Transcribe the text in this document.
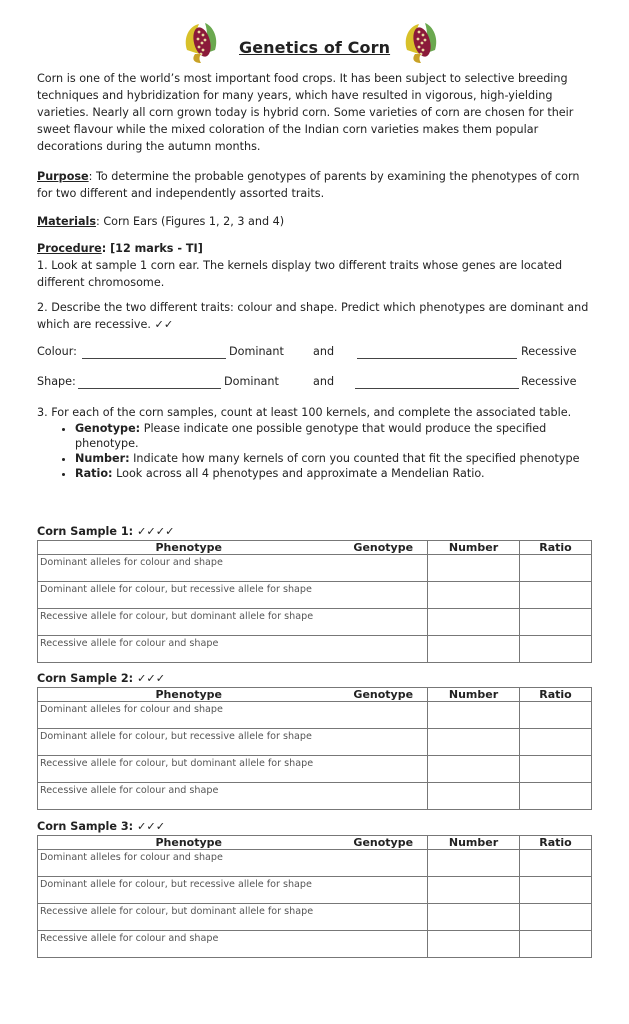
Genetics of Corn

Corn is one of the world’s most important food crops. It has been subject to selective breeding techniques and hybridization for many years, which have resulted in vigorous, high-yielding varieties. Nearly all corn grown today is hybrid corn. Some varieties of corn are chosen for their sweet flavour while the mixed coloration of the Indian corn varieties makes them popular decorations during the autumn months.

Purpose: To determine the probable genotypes of parents by examining the phenotypes of corn for two different and independently assorted traits.

Materials: Corn Ears (Figures 1, 2, 3 and 4)

Procedure: [12 marks - TI]

1. Look at sample 1 corn ear. The kernels display two different traits whose genes are located different chromosome.

2. Describe the two different traits: colour and shape. Predict which phenotypes are dominant and which are recessive. ✓✓

Colour:	Dominant	and	Recessive
Shape:	Dominant	and	Recessive

3. For each of the corn samples, count at least 100 kernels, and complete the associated table.

• Genotype: Please indicate one possible genotype that would produce the specified phenotype.
• Number: Indicate how many kernels of corn you counted that fit the specified phenotype
• Ratio: Look across all 4 phenotypes and approximate a Mendelian Ratio.
Corn Sample 1: ✓✓✓✓
Phenotype	Genotype	Number	Ratio
Dominant alleles for colour and shape			
Dominant allele for colour, but recessive allele for shape			
Recessive allele for colour, but dominant allele for shape			
Recessive allele for colour and shape			
Corn Sample 2: ✓✓✓
Phenotype	Genotype	Number	Ratio
Dominant alleles for colour and shape			
Dominant allele for colour, but recessive allele for shape			
Recessive allele for colour, but dominant allele for shape			
Recessive allele for colour and shape			
Corn Sample 3: ✓✓✓
Phenotype	Genotype	Number	Ratio
Dominant alleles for colour and shape			
Dominant allele for colour, but recessive allele for shape			
Recessive allele for colour, but dominant allele for shape			
Recessive allele for colour and shape			
